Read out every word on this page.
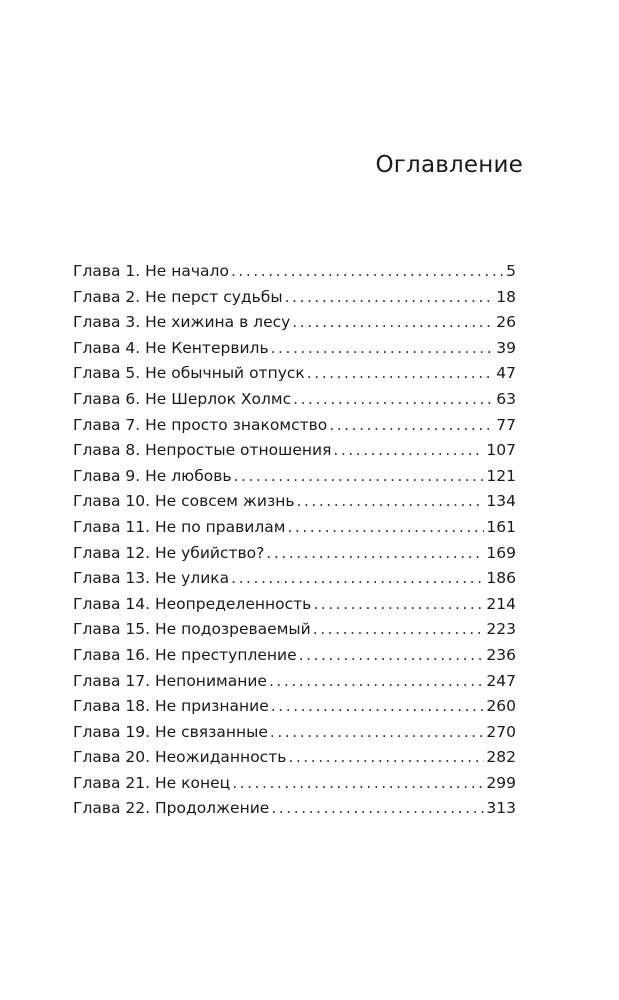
Оглавление
Глава 1. Не начало . . .	5
Глава 2. Не перст судьбы . . .	18
Глава 3. Не хижина в лесу . . .	26
Глава 4. Не Кентервиль . . .	39
Глава 5. Не обычный отпуск . . .	47
Глава 6. Не Шерлок Холмс . . .	63
Глава 7. Не просто знакомство . . .	77
Глава 8. Непростые отношения . . .	107
Глава 9. Не любовь . . .	121
Глава 10. Не совсем жизнь . . .	134
Глава 11. Не по правилам . . .	161
Глава 12. Не убийство? . . .	169
Глава 13. Не улика . . .	186
Глава 14. Неопределенность . . .	214
Глава 15. Не подозреваемый . . .	223
Глава 16. Не преступление . . .	236
Глава 17. Непонимание . . .	247
Глава 18. Не признание . . .	260
Глава 19. Не связанные . . .	270
Глава 20. Неожиданность . . .	282
Глава 21. Не конец . . .	299
Глава 22. Продолжение . . .	313
